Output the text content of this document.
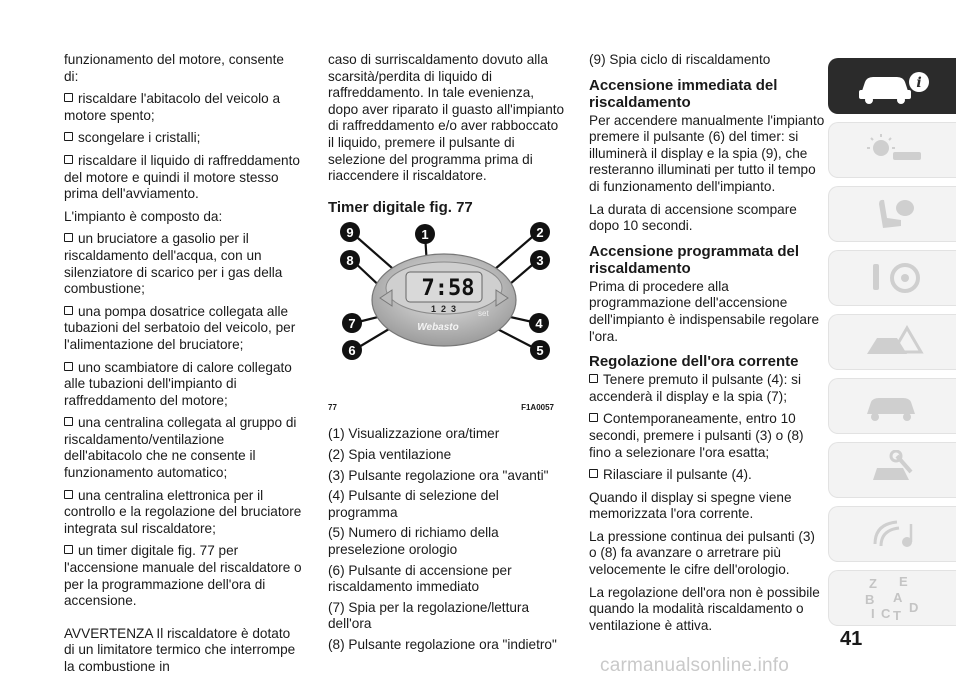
funzionamento del motore, consente di:

riscaldare l'abitacolo del veicolo a motore spento;

scongelare i cristalli;

riscaldare il liquido di raffreddamento del motore e quindi il motore stesso prima dell'avviamento.

L'impianto è composto da:

un bruciatore a gasolio per il riscaldamento dell'acqua, con un silenziatore di scarico per i gas della combustione;

una pompa dosatrice collegata alle tubazioni del serbatoio del veicolo, per l'alimentazione del bruciatore;

uno scambiatore di calore collegato alle tubazioni dell'impianto di raffreddamento del motore;

una centralina collegata al gruppo di riscaldamento/ventilazione dell'abitacolo che ne consente il funzionamento automatico;

una centralina elettronica per il controllo e la regolazione del bruciatore integrata sul riscaldatore;

un timer digitale fig. 77 per l'accensione manuale del riscaldatore o per la programmazione dell'ora di accensione.

AVVERTENZA Il riscaldatore è dotato di un limitatore termico che interrompe la combustione in

caso di surriscaldamento dovuto alla scarsità/perdita di liquido di raffreddamento. In tale evenienza, dopo aver riparato il guasto all'impianto di raffreddamento e/o aver rabboccato il liquido, premere il pulsante di selezione del programma prima di riaccendere il riscaldatore.

Timer digitale fig. 77
7:58
1 2 3	set
Webasto
9	1	2
8	3
7	4
6	5
77	F1A0057

(1) Visualizzazione ora/timer

(2) Spia ventilazione

(3) Pulsante regolazione ora "avanti"

(4) Pulsante di selezione del programma

(5) Numero di richiamo della preselezione orologio

(6) Pulsante di accensione per riscaldamento immediato

(7) Spia per la regolazione/lettura dell'ora

(8) Pulsante regolazione ora "indietro"

(9) Spia ciclo di riscaldamento

Accensione immediata del riscaldamento

Per accendere manualmente l'impianto premere il pulsante (6) del timer: si illuminerà il display e la spia (9), che resteranno illuminati per tutto il tempo di funzionamento dell'impianto.

La durata di accensione scompare dopo 10 secondi.

Accensione programmata del riscaldamento

Prima di procedere alla programmazione dell'accensione dell'impianto è indispensabile regolare l'ora.

Regolazione dell'ora corrente

Tenere premuto il pulsante (4): si accenderà il display e la spia (7);

Contemporaneamente, entro 10 secondi, premere i pulsanti (3) o (8) fino a selezionare l'ora esatta;

Rilasciare il pulsante (4).

Quando il display si spegne viene memorizzata l'ora corrente.

La pressione continua dei pulsanti (3) o (8) fa avanzare o arretrare più velocemente le cifre dell'orologio.

La regolazione dell'ora non è possibile quando la modalità riscaldamento o ventilazione è attiva.

i
Z E
B A
I C T
D
41
carmanualsonline.info
